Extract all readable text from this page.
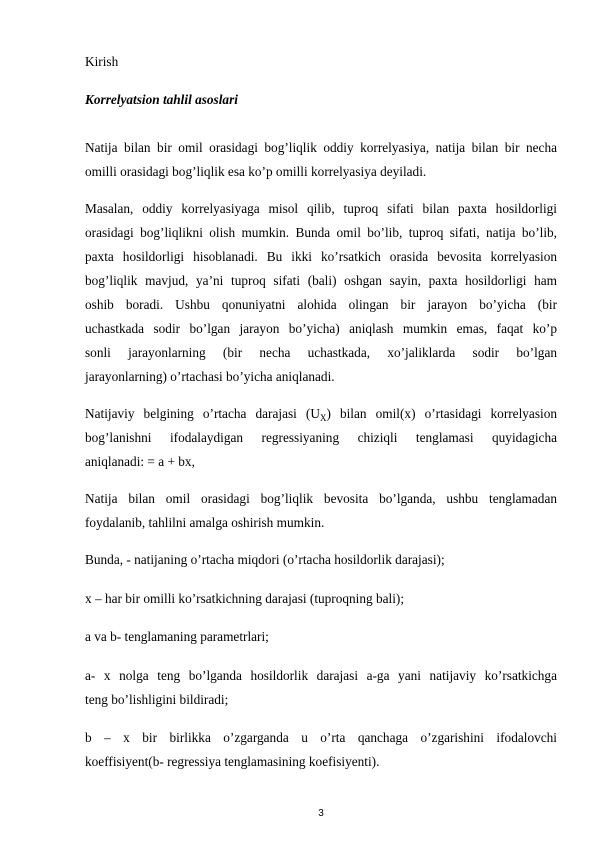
Kirish
Korrelyatsion tahlil asoslari
Natija bilan bir omil orasidagi bog’liqlik oddiy korrelyasiya, natija bilan bir necha
omilli orasidagi bog’liqlik esa ko’p omilli korrelyasiya deyiladi.
Masalan, oddiy korrelyasiyaga misol qilib, tuproq sifati bilan paxta hosildorligi
orasidagi bog’liqlikni olish mumkin. Bunda omil bo’lib, tuproq sifati, natija bo’lib,
paxta hosildorligi hisoblanadi. Bu ikki ko’rsatkich orasida bevosita korrelyasion
bog’liqlik mavjud, ya’ni tuproq sifati (bali) oshgan sayin, paxta hosildorligi ham
oshib boradi. Ushbu qonuniyatni alohida olingan bir jarayon bo’yicha (bir
uchastkada sodir bo’lgan jarayon bo’yicha) aniqlash mumkin emas, faqat ko’p
sonli jarayonlarning (bir necha uchastkada, xo’jaliklarda sodir bo’lgan
jarayonlarning) o’rtachasi bo’yicha aniqlanadi.
Natijaviy belgining o’rtacha darajasi $(U_X)$ bilan omil(x) o’rtasidagi korrelyasion
bog’lanishni ifodalaydigan regressiyaning chiziqli tenglamasi quyidagicha
aniqlanadi: = a + bx,
Natija bilan omil orasidagi bog’liqlik bevosita bo’lganda, ushbu tenglamadan
foydalanib, tahlilni amalga oshirish mumkin.
Bunda, - natijaning o’rtacha miqdori (o’rtacha hosildorlik darajasi);
x – har bir omilli ko’rsatkichning darajasi (tuproqning bali);
a va b- tenglamaning parametrlari;
a- x nolga teng bo’lganda hosildorlik darajasi a-ga yani natijaviy ko’rsatkichga
teng bo’lishligini bildiradi;
b – x bir birlikka o’zgarganda u o’rta qanchaga o’zgarishini ifodalovchi
koeffisiyent(b- regressiya tenglamasining koefisiyenti).
3
